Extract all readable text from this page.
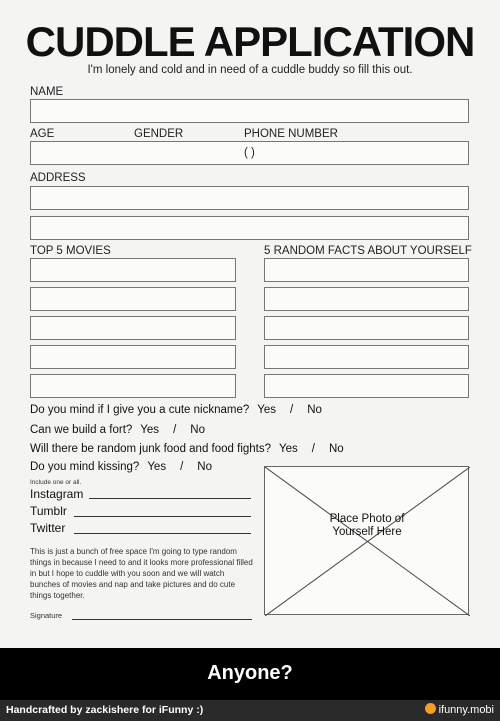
CUDDLE APPLICATION
I'm lonely and cold and in need of a cuddle buddy so fill this out.
NAME
AGE	GENDER	PHONE NUMBER
( )
ADDRESS
TOP 5 MOVIES	5 RANDOM FACTS ABOUT YOURSELF
Do you mind if I give you a cute nickname? Yes / No
Can we build a fort? Yes / No
Will there be random junk food and food fights? Yes / No
Do you mind kissing? Yes / No
Include one or all.
Instagram
Tumblr
Twitter
This is just a bunch of free space I'm going to type random things in because I need to and it looks more professional filled in but I hope to cuddle with you soon and we will watch bunches of movies and nap and take pictures and do cute things together.
Signature
Place Photo of Yourself Here
Anyone?
Handcrafted by zackishere for iFunny :)	ifunny.mobi
